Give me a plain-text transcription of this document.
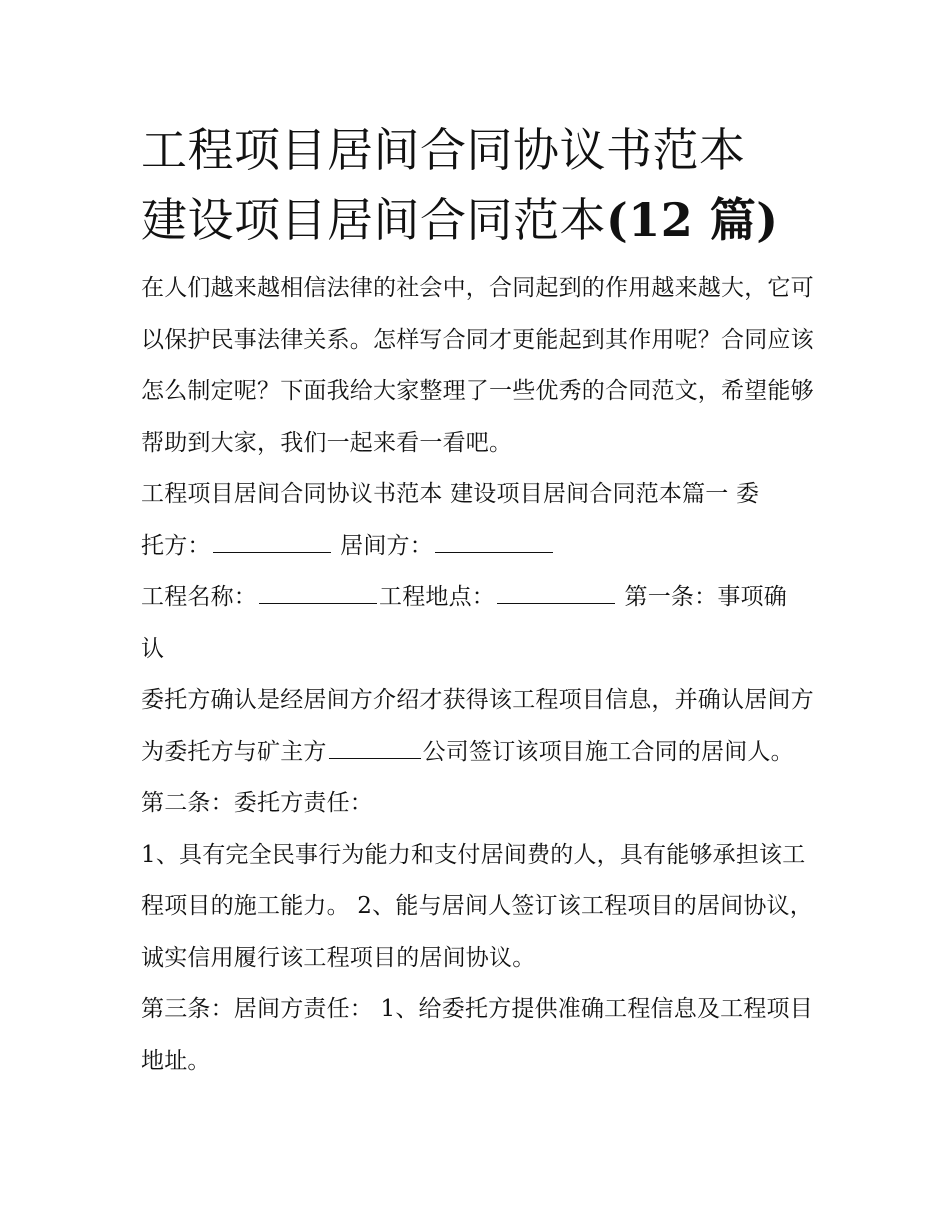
工程项目居间合同协议书范本
建设项目居间合同范本(12 篇)

在人们越来越相信法律的社会中，合同起到的作用越来越大，它可以保护民事法律关系。怎样写合同才更能起到其作用呢？合同应该怎么制定呢？下面我给大家整理了一些优秀的合同范文，希望能够帮助到大家，我们一起来看一看吧。

工程项目居间合同协议书范本 建设项目居间合同范本篇一 委
托方：	居间方：

工程名称：	工程地点：	第一条：事项确
认

委托方确认是经居间方介绍才获得该工程项目信息，并确认居间方为委托方与矿主方	公司签订该项目施工合同的居间人。 第二条：委托方责任：

1、具有完全民事行为能力和支付居间费的人，具有能够承担该工程项目的施工能力。 2、能与居间人签订该工程项目的居间协议，诚实信用履行该工程项目的居间协议。

第三条：居间方责任： 1、给委托方提供准确工程信息及工程项目地址。
